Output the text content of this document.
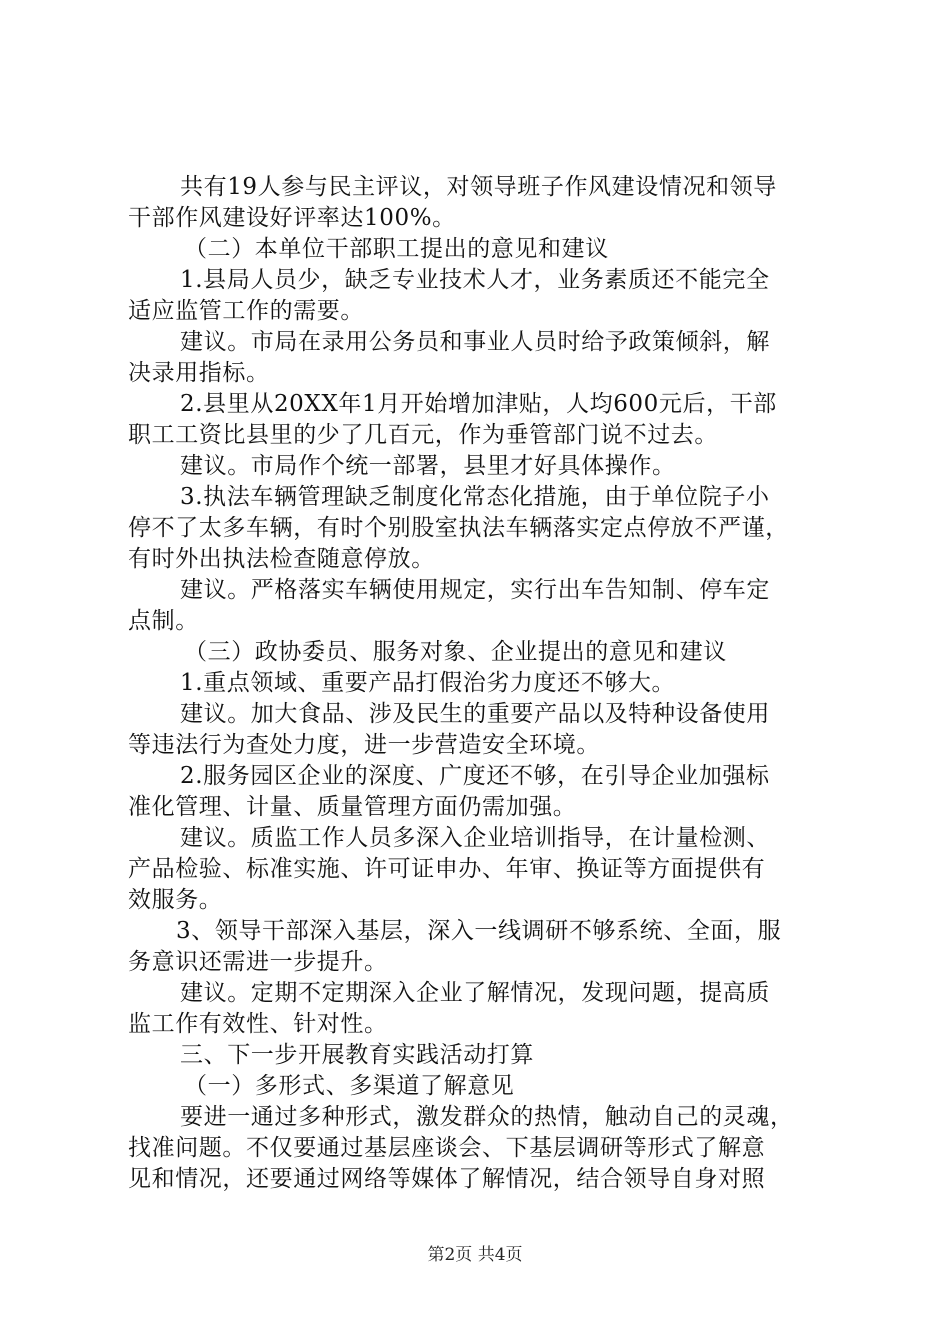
共有19人参与民主评议，对领导班子作风建设情况和领导
干部作风建设好评率达100%。
（二）本单位干部职工提出的意见和建议
1.县局人员少，缺乏专业技术人才，业务素质还不能完全
适应监管工作的需要。
建议。市局在录用公务员和事业人员时给予政策倾斜，解
决录用指标。
2.县里从20XX年1月开始增加津贴，人均600元后，干部
职工工资比县里的少了几百元，作为垂管部门说不过去。
建议。市局作个统一部署，县里才好具体操作。
3.执法车辆管理缺乏制度化常态化措施，由于单位院子小
停不了太多车辆，有时个别股室执法车辆落实定点停放不严谨，
有时外出执法检查随意停放。
建议。严格落实车辆使用规定，实行出车告知制、停车定
点制。
（三）政协委员、服务对象、企业提出的意见和建议
1.重点领域、重要产品打假治劣力度还不够大。
建议。加大食品、涉及民生的重要产品以及特种设备使用
等违法行为查处力度，进一步营造安全环境。
2.服务园区企业的深度、广度还不够，在引导企业加强标
准化管理、计量、质量管理方面仍需加强。
建议。质监工作人员多深入企业培训指导，在计量检测、
产品检验、标准实施、许可证申办、年审、换证等方面提供有
效服务。
3、领导干部深入基层，深入一线调研不够系统、全面，服
务意识还需进一步提升。
建议。定期不定期深入企业了解情况，发现问题，提高质
监工作有效性、针对性。
三、下一步开展教育实践活动打算
（一）多形式、多渠道了解意见
要进一通过多种形式，激发群众的热情，触动自己的灵魂，
找准问题。不仅要通过基层座谈会、下基层调研等形式了解意
见和情况，还要通过网络等媒体了解情况，结合领导自身对照
第2页 共4页
